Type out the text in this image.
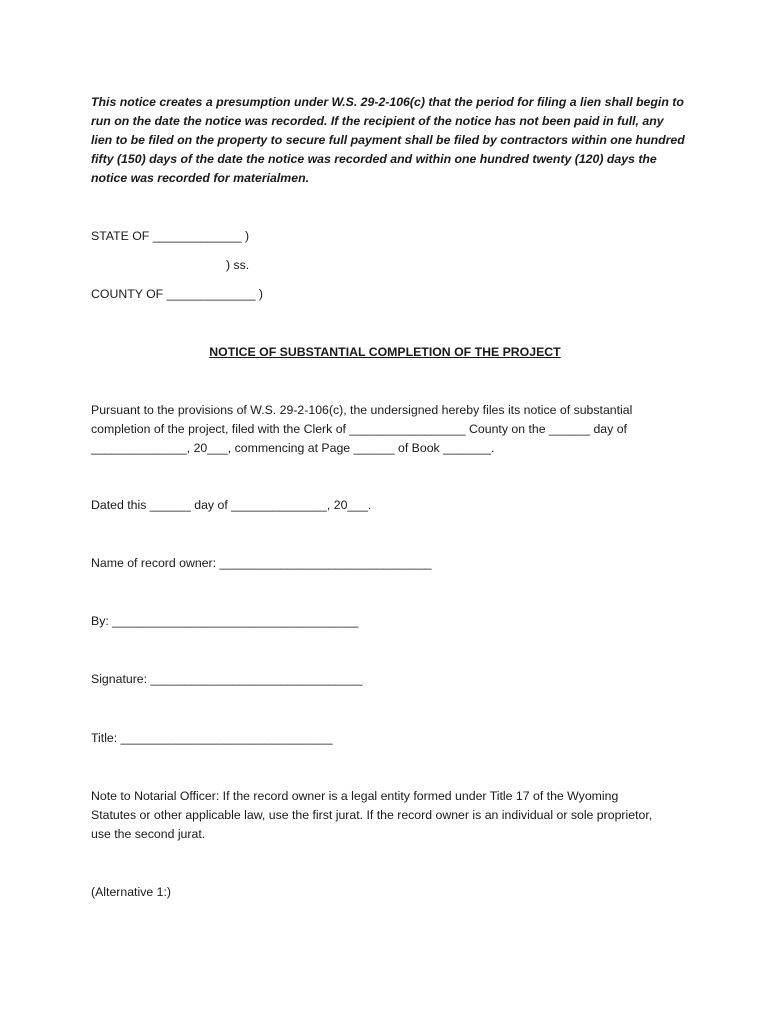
This notice creates a presumption under W.S. 29-2-106(c) that the period for filing a lien shall begin to run on the date the notice was recorded. If the recipient of the notice has not been paid in full, any lien to be filed on the property to secure full payment shall be filed by contractors within one hundred fifty (150) days of the date the notice was recorded and within one hundred twenty (120) days the notice was recorded for materialmen.

STATE OF _____________ )
) ss.
COUNTY OF _____________ )
NOTICE OF SUBSTANTIAL COMPLETION OF THE PROJECT

Pursuant to the provisions of W.S. 29-2-106(c), the undersigned hereby files its notice of substantial completion of the project, filed with the Clerk of _________________ County on the ______ day of ______________, 20___, commencing at Page ______ of Book _______.

Dated this ______ day of ______________, 20___.
Name of record owner: _______________________________
By: ____________________________________
Signature: _______________________________
Title: _______________________________

Note to Notarial Officer: If the record owner is a legal entity formed under Title 17 of the Wyoming Statutes or other applicable law, use the first jurat. If the record owner is an individual or sole proprietor, use the second jurat.

(Alternative 1:)
